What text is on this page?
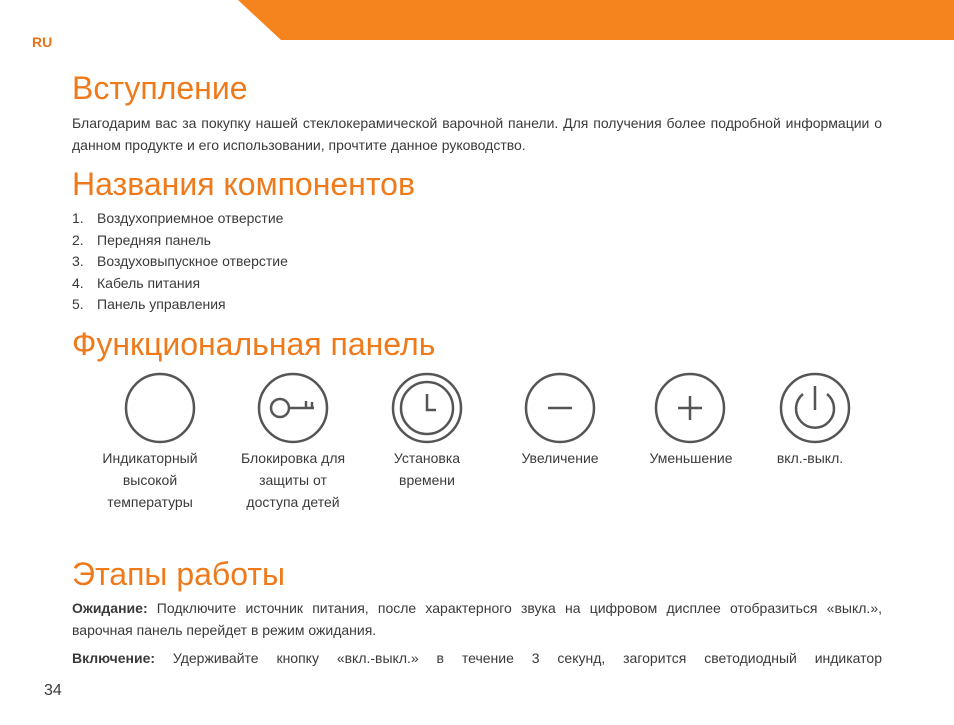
RU
Вступление

Благодарим вас за покупку нашей стеклокерамической варочной панели. Для получения более подробной информации о данном продукте и его использовании, прочтите данное руководство.

Названия компонентов
1. Воздухоприемное отверстие
2. Передняя панель
3. Воздуховыпускное отверстие
4. Кабель питания
5. Панель управления
Функциональная панель
Индикаторный высокой температуры
Блокировка для защиты от доступа детей
Установка времени
Увеличение	Уменьшение	вкл.-выкл.
Этапы работы

Ожидание: Подключите источник питания, после характерного звука на цифровом дисплее отобразиться «выкл.», варочная панель перейдет в режим ожидания.

Включение: Удерживайте кнопку «вкл.-выкл.» в течение 3 секунд, загорится светодиодный индикатор

34
